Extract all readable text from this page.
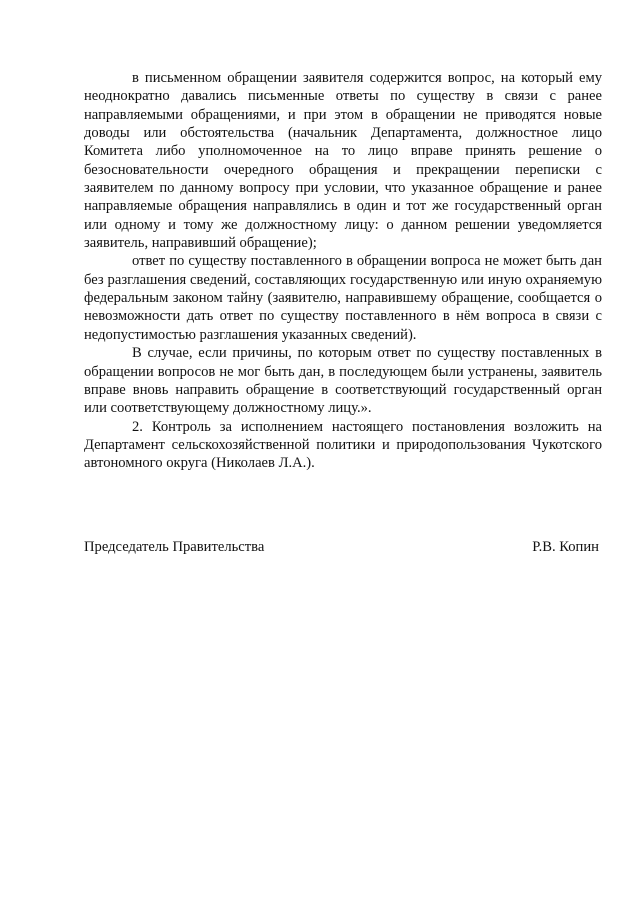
в письменном обращении заявителя содержится вопрос, на который ему неоднократно давались письменные ответы по существу в связи с ранее направляемыми обращениями, и при этом в обращении не приводятся новые доводы или обстоятельства (начальник Департамента, должностное лицо Комитета либо уполномоченное на то лицо вправе принять решение о безосновательности очередного обращения и прекращении переписки с заявителем по данному вопросу при условии, что указанное обращение и ранее направляемые обращения направлялись в один и тот же государственный орган или одному и тому же должностному лицу: о данном решении уведомляется заявитель, направивший обращение);

ответ по существу поставленного в обращении вопроса не может быть дан без разглашения сведений, составляющих государственную или иную охраняемую федеральным законом тайну (заявителю, направившему обращение, сообщается о невозможности дать ответ по существу поставленного в нём вопроса в связи с недопустимостью разглашения указанных сведений).

В случае, если причины, по которым ответ по существу поставленных в обращении вопросов не мог быть дан, в последующем были устранены, заявитель вправе вновь направить обращение в соответствующий государственный орган или соответствующему должностному лицу.».

2. Контроль за исполнением настоящего постановления возложить на Департамент сельскохозяйственной политики и природопользования Чукотского автономного округа (Николаев Л.А.).

Председатель Правительства	Р.В. Копин
